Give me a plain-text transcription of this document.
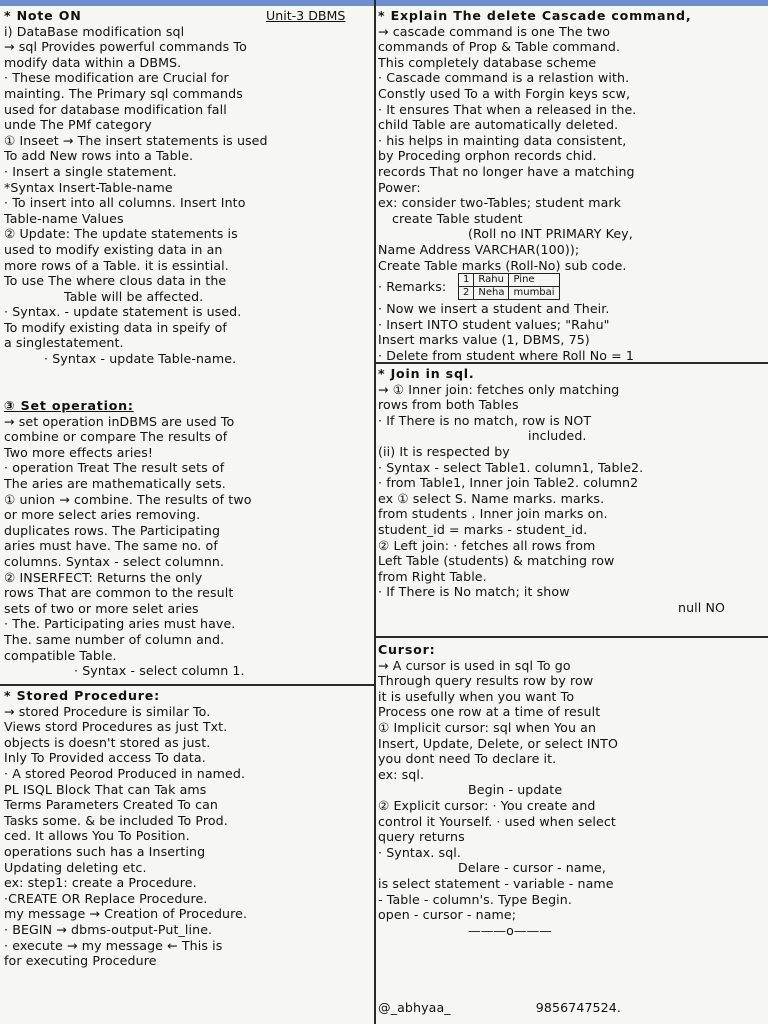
* Note ON	Unit-3 DBMS
i) DataBase modification sql
→ sql Provides powerful commands To
modify data within a DBMS.
· These modification are Crucial for
mainting. The Primary sql commands
used for database modification fall
unde The PMf category
① Inseet → The insert statements is used
To add New rows into a Table.
· Insert a single statement.
*Syntax Insert-Table-name
· To insert into all columns. Insert Into
Table-name Values
② Update: The update statements is
used to modify existing data in an
more rows of a Table. it is essintial.
To use The where clous data in the
Table will be affected.
· Syntax. - update statement is used.
To modify existing data in speify of
a singlestatement.
· Syntax - update Table-name.
③ Set operation:
→ set operation inDBMS are used To
combine or compare The results of
Two more effects aries!
· operation Treat The result sets of
The aries are mathematically sets.
① union → combine. The results of two
or more select aries removing.
duplicates rows. The Participating
aries must have. The same no. of
columns. Syntax - select columnn.
② INSERFECT: Returns the only
rows That are common to the result
sets of two or more selet aries
· The. Participating aries must have.
The. same number of column and.
compatible Table.
· Syntax - select column 1.
* Stored Procedure:
→ stored Procedure is similar To.
Views stord Procedures as just Txt.
objects is doesn't stored as just.
Inly To Provided access To data.
· A stored Peorod Produced in named.
PL ISQL Block That can Tak ams
Terms Parameters Created To can
Tasks some. & be included To Prod.
ced. It allows You To Position.
operations such has a Inserting
Updating deleting etc.
ex: step1: create a Procedure.
·CREATE OR Replace Procedure.
my message → Creation of Procedure.
· BEGIN → dbms-output-Put_line.
· execute → my message ← This is
for executing Procedure
* Explain The delete Cascade command,
→ cascade command is one The two
commands of Prop & Table command.
This completely database scheme
· Cascade command is a relastion with.
Constly used To a with Forgin keys scw,
· It ensures That when a released in the.
child Table are automatically deleted.
· his helps in mainting data consistent,
by Proceding orphon records chid.
records That no longer have a matching
Power:
ex: consider two-Tables; student mark
create Table student
(Roll no INT PRIMARY Key,
Name Address VARCHAR(100));
Create Table marks (Roll-No) sub code.
· Remarks: 1	Rahu	Pine
2	Neha	mumbai
· Now we insert a student and Their.
· Insert INTO student values; "Rahu"
Insert marks value (1, DBMS, 75)
· Delete from student where Roll No = 1
* Join in sql.
→ ① Inner join: fetches only matching
rows from both Tables
· If There is no match, row is NOT
included.
(ii) It is respected by
· Syntax - select Table1. column1, Table2.
· from Table1, Inner join Table2. column2
ex ① select S. Name marks. marks.
from students . Inner join marks on.
student_id = marks - student_id.
② Left join: · fetches all rows from
Left Table (students) & matching row
from Right Table.
· If There is No match; it show
null NO
Cursor:
→ A cursor is used in sql To go
Through query results row by row
it is usefully when you want To
Process one row at a time of result
① Implicit cursor: sql when You an
Insert, Update, Delete, or select INTO
you dont need To declare it.
ex: sql.
Begin - update
② Explicit cursor: · You create and
control it Yourself. · used when select
query returns
· Syntax. sql.
Delare - cursor - name,
is select statement - variable - name
- Table - column's. Type Begin.
open - cursor - name;
———o———
@_abhyaa_	9856747524.
